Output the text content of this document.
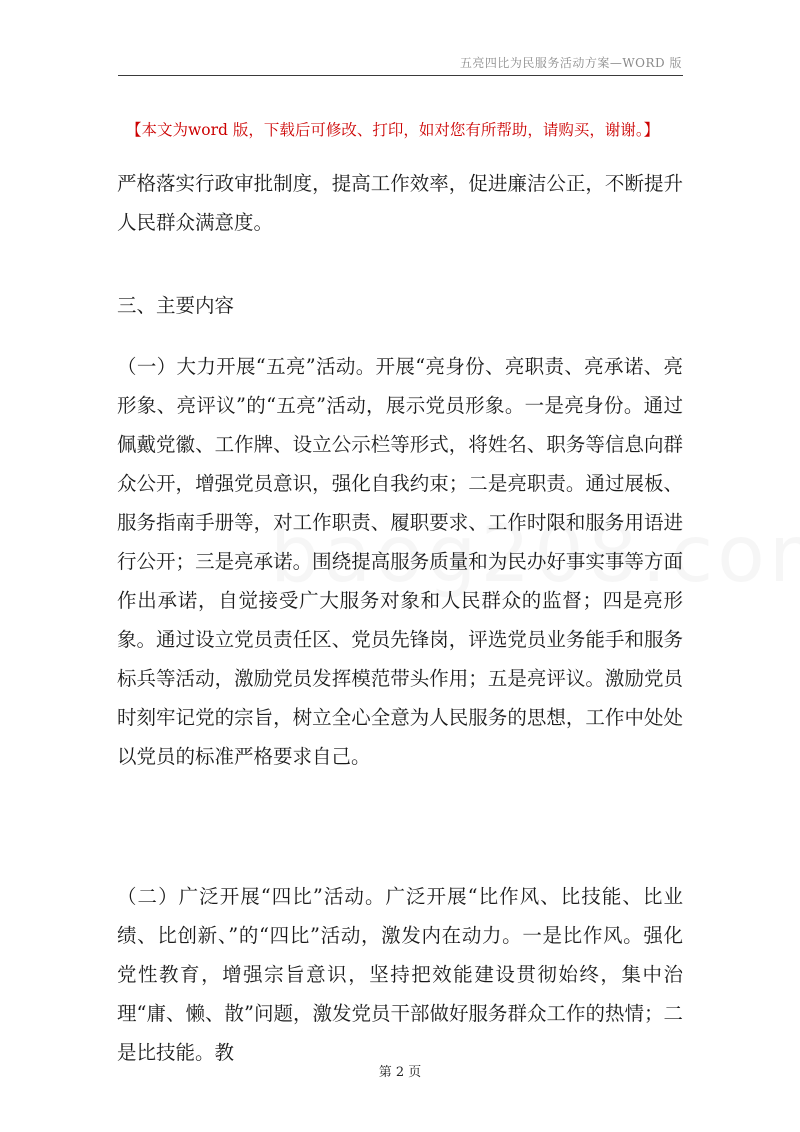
五亮四比为民服务活动方案—WORD 版
【本文为word 版，下载后可修改、打印，如对您有所帮助，请购买，谢谢。】

严格落实行政审批制度，提高工作效率，促进廉洁公正，不断提升人民群众满意度。

三、主要内容

（一）大力开展“五亮”活动。开展“亮身份、亮职责、亮承诺、亮形象、亮评议”的“五亮”活动，展示党员形象。一是亮身份。通过佩戴党徽、工作牌、设立公示栏等形式，将姓名、职务等信息向群众公开，增强党员意识，强化自我约束；二是亮职责。通过展板、服务指南手册等，对工作职责、履职要求、工作时限和服务用语进行公开；三是亮承诺。围绕提高服务质量和为民办好事实事等方面作出承诺，自觉接受广大服务对象和人民群众的监督；四是亮形象。通过设立党员责任区、党员先锋岗，评选党员业务能手和服务标兵等活动，激励党员发挥模范带头作用；五是亮评议。激励党员时刻牢记党的宗旨，树立全心全意为人民服务的思想，工作中处处以党员的标准严格要求自己。

（二）广泛开展“四比”活动。广泛开展“比作风、比技能、比业绩、比创新、”的“四比”活动，激发内在动力。一是比作风。强化党性教育，增强宗旨意识，坚持把效能建设贯彻始终，集中治理“庸、懒、散”问题，激发党员干部做好服务群众工作的热情；二是比技能。教

第 2 页
